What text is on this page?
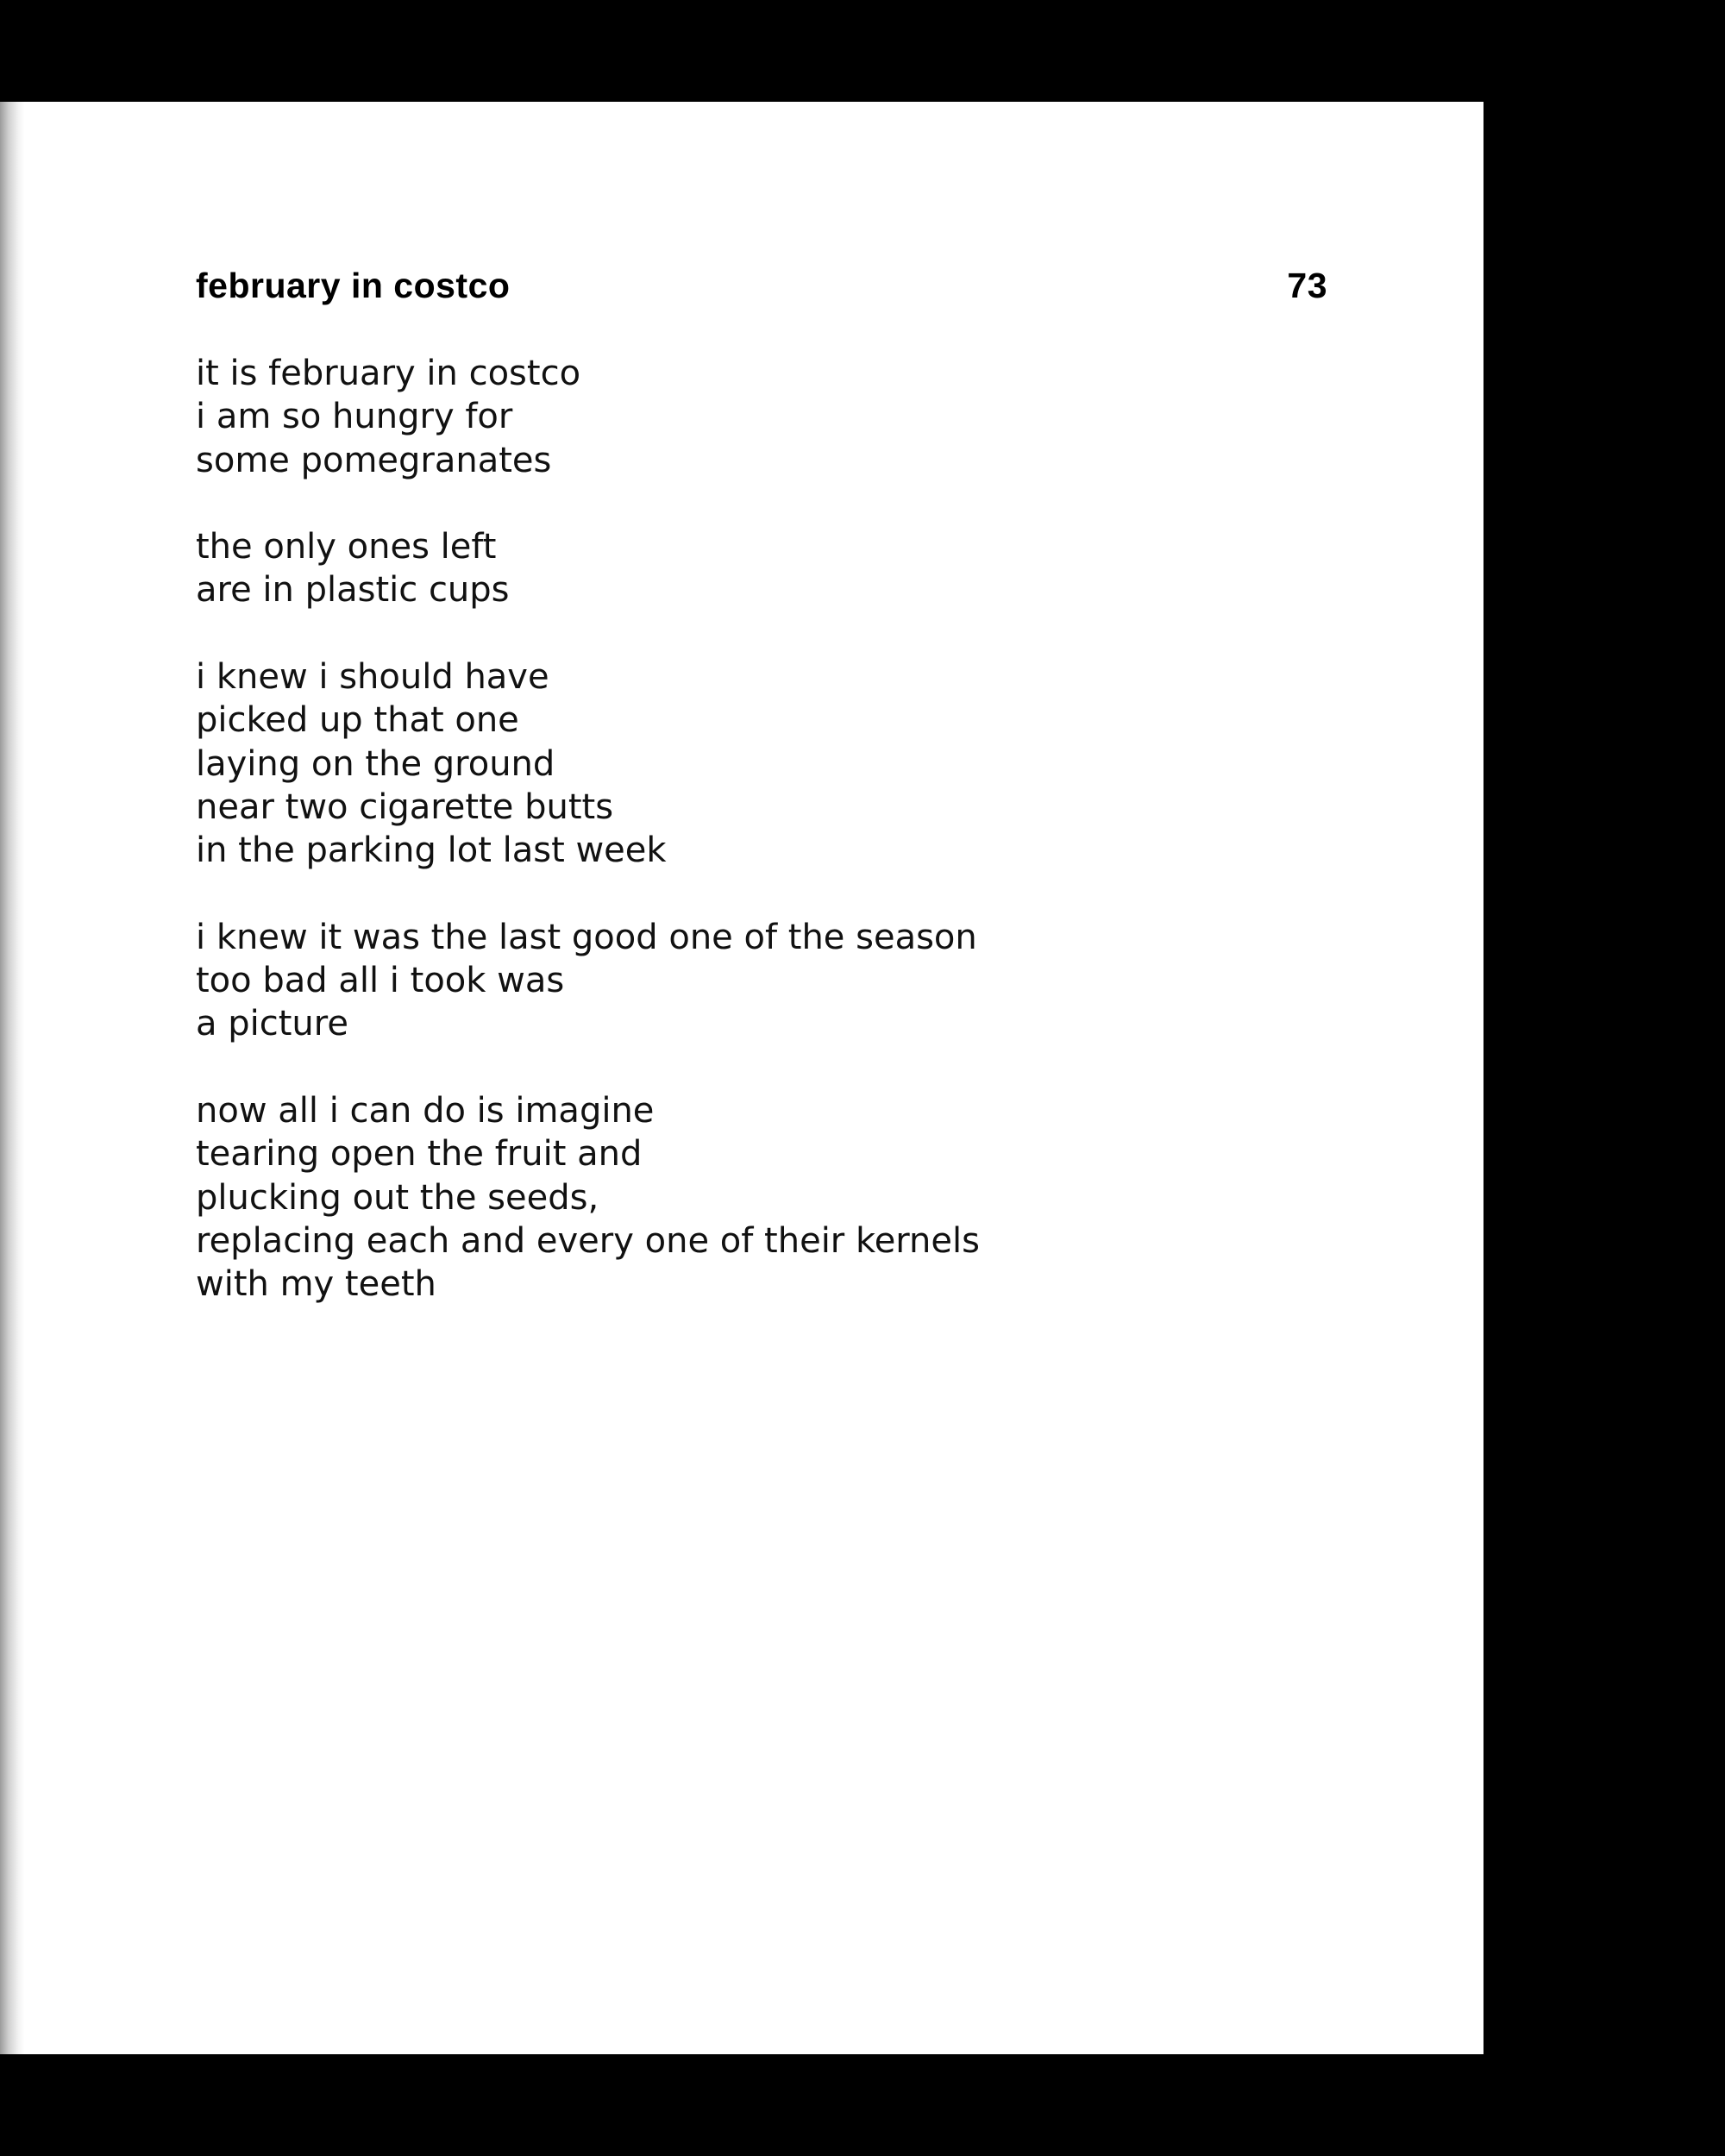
february in costco	73
it is february in costco
i am so hungry for
some pomegranates
the only ones left
are in plastic cups
i knew i should have
picked up that one
laying on the ground
near two cigarette butts
in the parking lot last week
i knew it was the last good one of the season
too bad all i took was
a picture
now all i can do is imagine
tearing open the fruit and
plucking out the seeds,
replacing each and every one of their kernels
with my teeth
